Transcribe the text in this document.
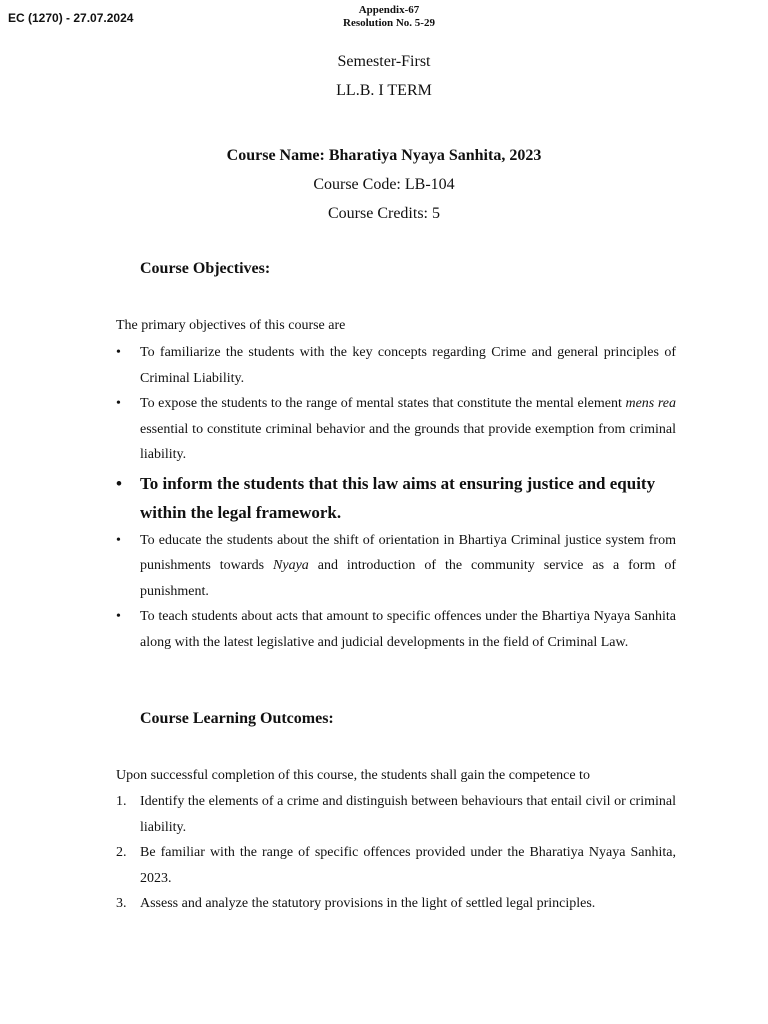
EC (1270) - 27.07.2024
Appendix-67
Resolution No. 5-29
Semester-First
LL.B. I TERM
Course Name: Bharatiya Nyaya Sanhita, 2023
Course Code: LB-104
Course Credits: 5
Course Objectives:
The primary objectives of this course are
• To familiarize the students with the key concepts regarding Crime and general principles of Criminal Liability.
• To expose the students to the range of mental states that constitute the mental element mens rea essential to constitute criminal behavior and the grounds that provide exemption from criminal liability.
• To inform the students that this law aims at ensuring justice and equity within the legal framework.
• To educate the students about the shift of orientation in Bhartiya Criminal justice system from punishments towards Nyaya and introduction of the community service as a form of punishment.
• To teach students about acts that amount to specific offences under the Bhartiya Nyaya Sanhita along with the latest legislative and judicial developments in the field of Criminal Law.
Course Learning Outcomes:
Upon successful completion of this course, the students shall gain the competence to
1. Identify the elements of a crime and distinguish between behaviours that entail civil or criminal liability.
2. Be familiar with the range of specific offences provided under the Bharatiya Nyaya Sanhita, 2023.
3. Assess and analyze the statutory provisions in the light of settled legal principles.
